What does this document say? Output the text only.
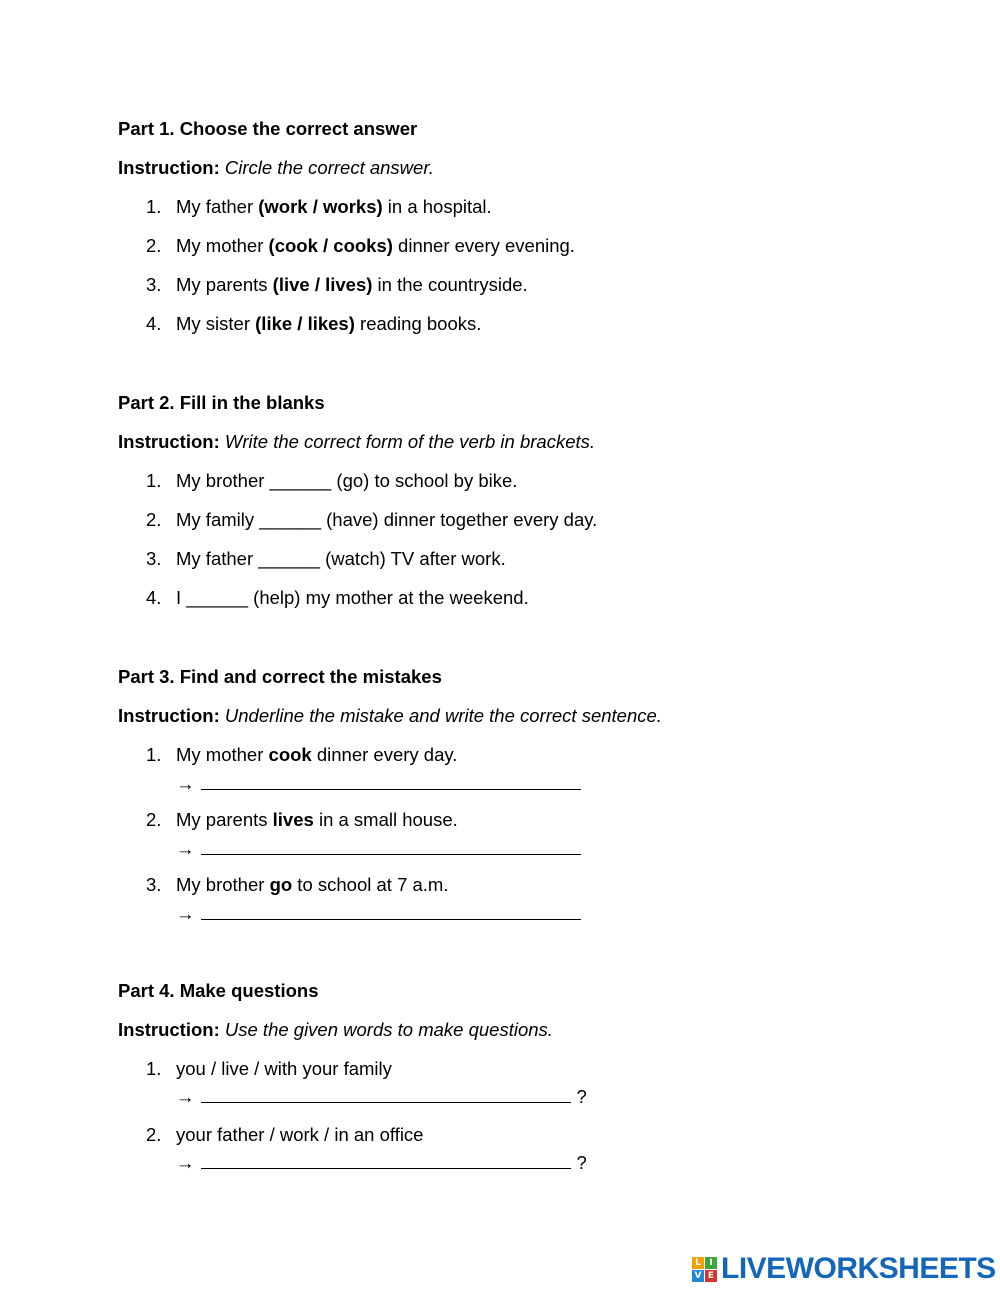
Part 1. Choose the correct answer
Instruction: Circle the correct answer.
1. My father (work / works) in a hospital.
2. My mother (cook / cooks) dinner every evening.
3. My parents (live / lives) in the countryside.
4. My sister (like / likes) reading books.
Part 2. Fill in the blanks
Instruction: Write the correct form of the verb in brackets.
1. My brother ______ (go) to school by bike.
2. My family ______ (have) dinner together every day.
3. My father ______ (watch) TV after work.
4. I ______ (help) my mother at the weekend.
Part 3. Find and correct the mistakes
Instruction: Underline the mistake and write the correct sentence.
1. My mother cook dinner every day.
→
2. My parents lives in a small house.
→
3. My brother go to school at 7 a.m.
→
Part 4. Make questions
Instruction: Use the given words to make questions.
1. you / live / with your family
→	?
2. your father / work / in an office
→	?
L I
V E LIVEWORKSHEETS
